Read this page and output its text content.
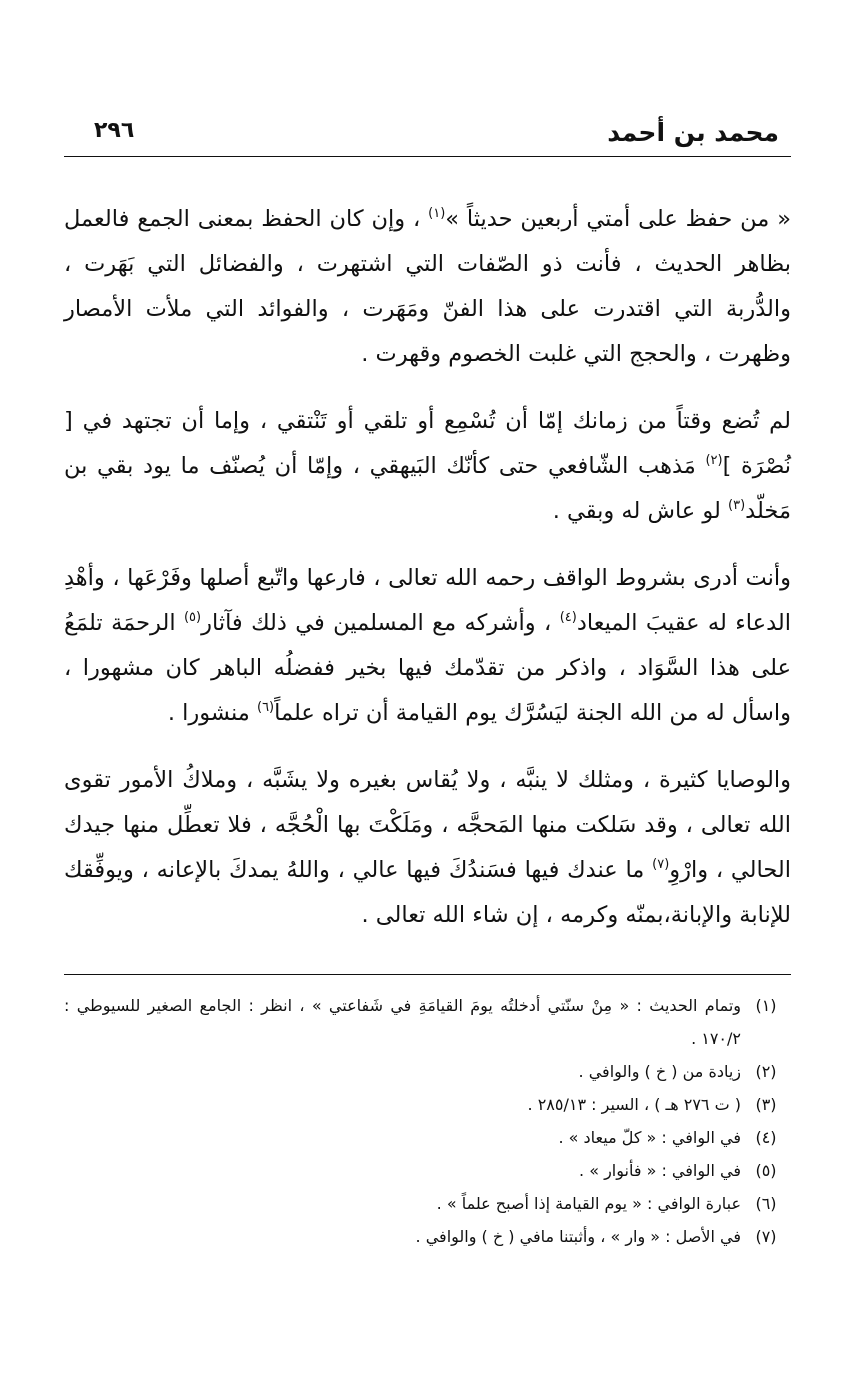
محمد بن أحمد
٢٩٦

« من حفظ على أمتي أربعين حديثاً »$^{(١)}$ ، وإن كان الحفظ بمعنى الجمع فالعمل بظاهر الحديث ، فأنت ذو الصّفات التي اشتهرت ، والفضائل التي بَهَرت ، والدُّربة التي اقتدرت على هذا الفنّ ومَهَرت ، والفوائد التي ملأت الأمصار وظهرت ، والحجج التي غلبت الخصوم وقهرت .

لم تُضع وقتاً من زمانك إمّا أن تُسْمِع أو تلقي أو تَنْتقي ، وإما أن تجتهد في [ نُصْرَة ]$^{(٢)}$ مَذهب الشّافعي حتى كأنّك البَيهقي ، وإمّا أن يُصنّف ما يود بقي بن مَخلّد$^{(٣)}$ لو عاش له وبقي .

وأنت أدرى بشروط الواقف رحمه الله تعالى ، فارعها واتّبع أصلها وفَرْعَها ، وأهْدِ الدعاء له عقيبَ الميعاد$^{(٤)}$ ، وأشركه مع المسلمين في ذلك فآثار$^{(٥)}$ الرحمَة تلمَعُ على هذا السَّوَاد ، واذكر من تقدّمك فيها بخير ففضلُه الباهر كان مشهورا ، واسأل له من الله الجنة ليَسُرَّك يوم القيامة أن تراه علماً$^{(٦)}$ منشورا .

والوصايا كثيرة ، ومثلك لا ينبَّه ، ولا يُقاس بغيره ولا يشَبَّه ، وملاكُ الأمور تقوى الله تعالى ، وقد سَلكت منها المَحجَّه ، ومَلَكْتَ بها الْحُجَّه ، فلا تعطِّل منها جيدك الحالي ، وارْوِ$^{(٧)}$ ما عندك فيها فسَندُكَ فيها عالي ، واللهُ يمدكَ بالإعانه ، ويوفِّقك للإنابة والإبانة،بمنّه وكرمه ، إن شاء الله تعالى .

(١)
وتمام الحديث : « مِنْ سنّتي أدخلتُه يومَ القيامَةِ في شَفاعتي » ، انظر : الجامع الصغير للسيوطي : ١٧٠/٢ .
(٢)
زيادة من ( خ ) والوافي .
(٣)
( ت ٢٧٦ هـ ) ، السير : ٢٨٥/١٣ .
(٤)
في الوافي : « كلّ ميعاد » .
(٥)
في الوافي : « فأنوار » .
(٦)
عبارة الوافي : « يوم القيامة إذا أصبح علماً » .
(٧)
في الأصل : « وار » ، وأثبتنا مافي ( خ ) والوافي .
